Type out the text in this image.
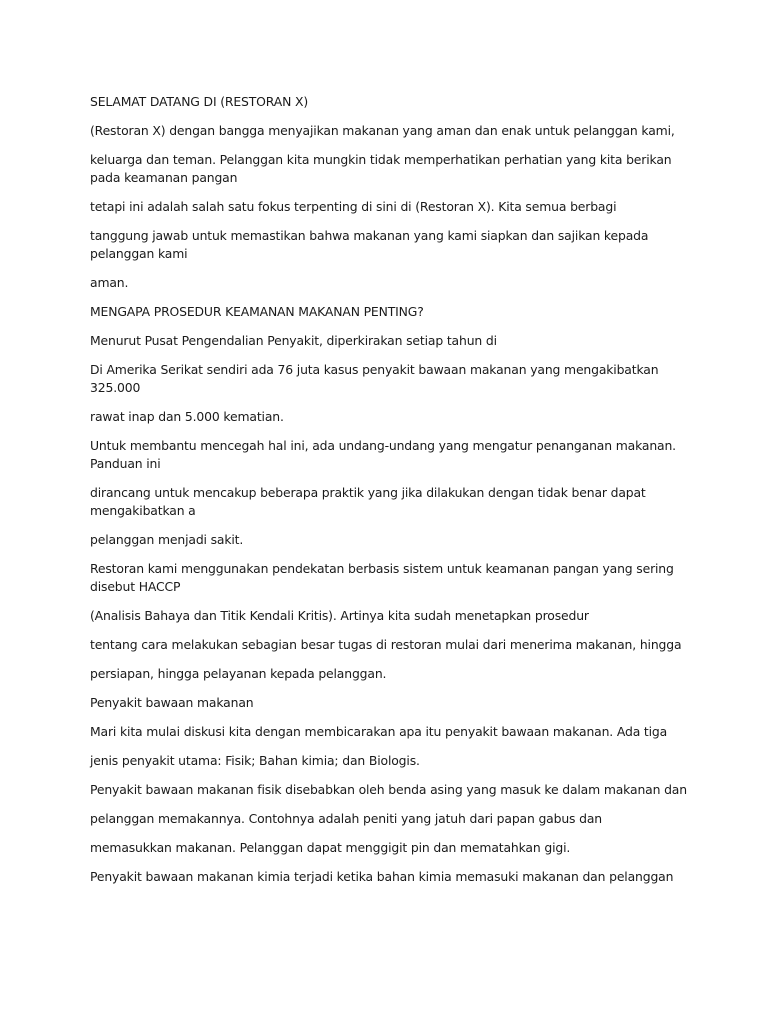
SELAMAT DATANG DI (RESTORAN X)

(Restoran X) dengan bangga menyajikan makanan yang aman dan enak untuk pelanggan kami,

keluarga dan teman. Pelanggan kita mungkin tidak memperhatikan perhatian yang kita berikan pada keamanan pangan

tetapi ini adalah salah satu fokus terpenting di sini di (Restoran X). Kita semua berbagi

tanggung jawab untuk memastikan bahwa makanan yang kami siapkan dan sajikan kepada pelanggan kami

aman.

MENGAPA PROSEDUR KEAMANAN MAKANAN PENTING?

Menurut Pusat Pengendalian Penyakit, diperkirakan setiap tahun di

Di Amerika Serikat sendiri ada 76 juta kasus penyakit bawaan makanan yang mengakibatkan 325.000

rawat inap dan 5.000 kematian.

Untuk membantu mencegah hal ini, ada undang-undang yang mengatur penanganan makanan. Panduan ini

dirancang untuk mencakup beberapa praktik yang jika dilakukan dengan tidak benar dapat mengakibatkan a

pelanggan menjadi sakit.

Restoran kami menggunakan pendekatan berbasis sistem untuk keamanan pangan yang sering disebut HACCP

(Analisis Bahaya dan Titik Kendali Kritis). Artinya kita sudah menetapkan prosedur

tentang cara melakukan sebagian besar tugas di restoran mulai dari menerima makanan, hingga

persiapan, hingga pelayanan kepada pelanggan.

Penyakit bawaan makanan

Mari kita mulai diskusi kita dengan membicarakan apa itu penyakit bawaan makanan. Ada tiga

jenis penyakit utama: Fisik; Bahan kimia; dan Biologis.

Penyakit bawaan makanan fisik disebabkan oleh benda asing yang masuk ke dalam makanan dan

pelanggan memakannya. Contohnya adalah peniti yang jatuh dari papan gabus dan

memasukkan makanan. Pelanggan dapat menggigit pin dan mematahkan gigi.

Penyakit bawaan makanan kimia terjadi ketika bahan kimia memasuki makanan dan pelanggan
